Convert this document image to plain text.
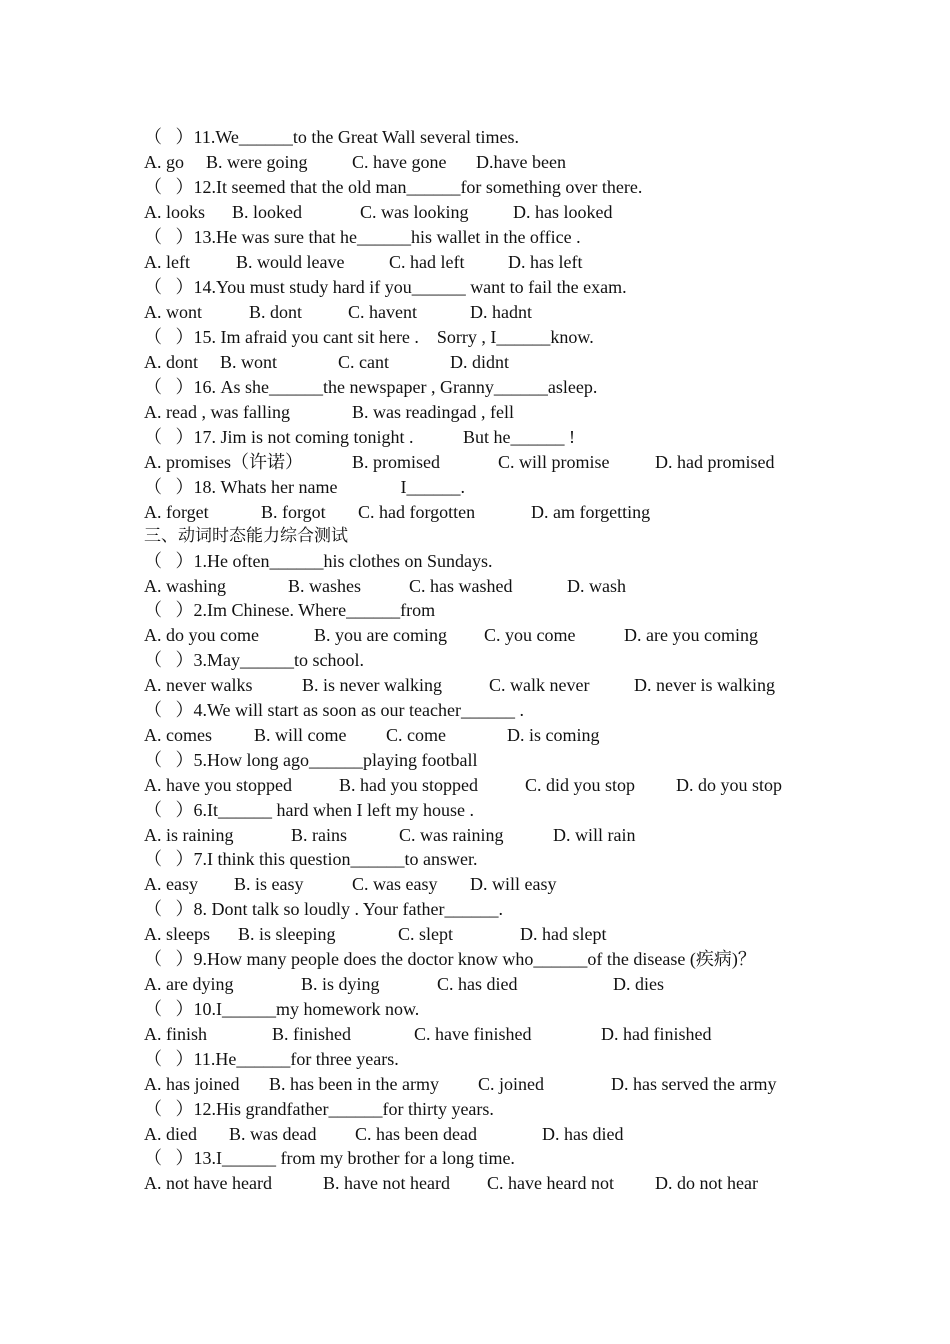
（   ）11.We______to the Great Wall several times.

A. go

B. were going

C. have gone

D.have been

（   ）12.It seemed that the old man______for something over there.

A. looks

B. looked

	C. was looking

D. has looked

（   ）13.He was sure that he______his wallet in the office .

A. left

	B. would leave

C. had left

D. has left

（   ）14.You must study hard if you______ want to fail the exam.

A. wont

	B. dont

	C. havent

	D. hadnt

（   ）15. Im afraid you cant sit here .    Sorry , I______know.

A. dont

B. wont

	C. cant

	D. didnt

（   ）16. As she______the newspaper , Granny______asleep.

A. read , was falling

	B. was readingad , fell

（   ）17. Jim is not coming tonight .           But he______ !

A. promises（许诺）

	B. promised

	C. will promise

	D. had promised

（   ）18. Whats her name              I______.

A. forget

	B. forgot

C. had forgotten

	D. am forgetting

三、动词时态能力综合测试
（   ）1.He often______his clothes on Sundays.

A. washing

	B. washes

	C. has washed

	D. wash

（   ）2.Im Chinese. Where______from

A. do you come

	B. you are coming

C. you come

	D. are you coming

（   ）3.May______to school.

A. never walks

	B. is never walking

	C. walk never

D. never is walking

（   ）4.We will start as soon as our teacher______ .

A. comes

B. will come

C. come

	D. is coming

（   ）5.How long ago______playing football

A. have you stopped

	B. had you stopped

	C. did you stop

D. do you stop

（   ）6.It______ hard when I left my house .

A. is raining

	B. rains

	C. was raining

	D. will rain

（   ）7.I think this question______to answer.

A. easy

B. is easy

	C. was easy

D. will easy

（   ）8. Dont talk so loudly . Your father______.

A. sleeps

B. is sleeping

	C. slept

	D. had slept

（   ）9.How many people does the doctor know who______of the disease (疾病)？

A. are dying

	B. is dying

	C. has died

	D. dies

（   ）10.I______my homework now.

A. finish

	B. finished

	C. have finished

	D. had finished

（   ）11.He______for three years.

A. has joined

B. has been in the army

C. joined

	D. has served the army

（   ）12.His grandfather______for thirty years.

A. died

B. was dead

C. has been dead

	D. has died

（   ）13.I______ from my brother for a long time.

A. not have heard

	B. have not heard

C. have heard not

D. do not hear
